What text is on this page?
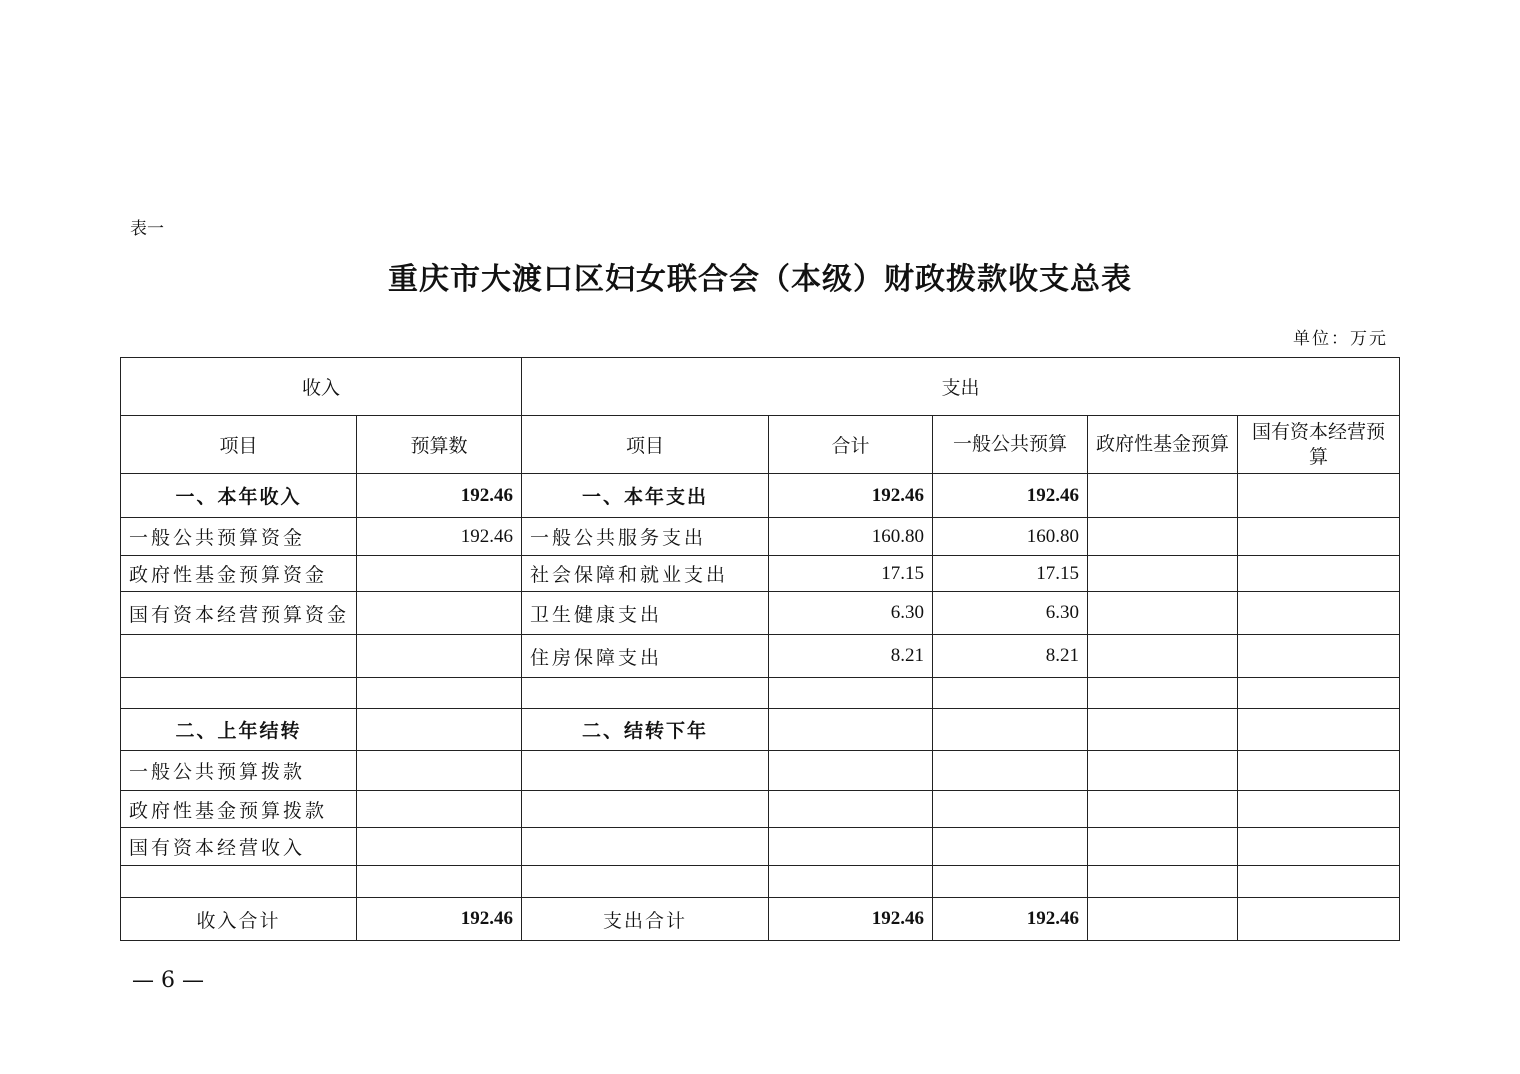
表一
重庆市大渡口区妇女联合会（本级）财政拨款收支总表
单位：万元
收入		支出				
项目	预算数	项目	合计	一般公共预算	政府性基金预算	国有资本经营预算
一、本年收入	192.46	一、本年支出	192.46	192.46		
一般公共预算资金	192.46	一般公共服务支出	160.80	160.80		
政府性基金预算资金		社会保障和就业支出	17.15	17.15		
国有资本经营预算资金		卫生健康支出	6.30	6.30		
		住房保障支出	8.21	8.21		

二、上年结转		二、结转下年				
一般公共预算拨款						
政府性基金预算拨款						
国有资本经营收入						

收入合计	192.46	支出合计	192.46	192.46		
— 6 —
